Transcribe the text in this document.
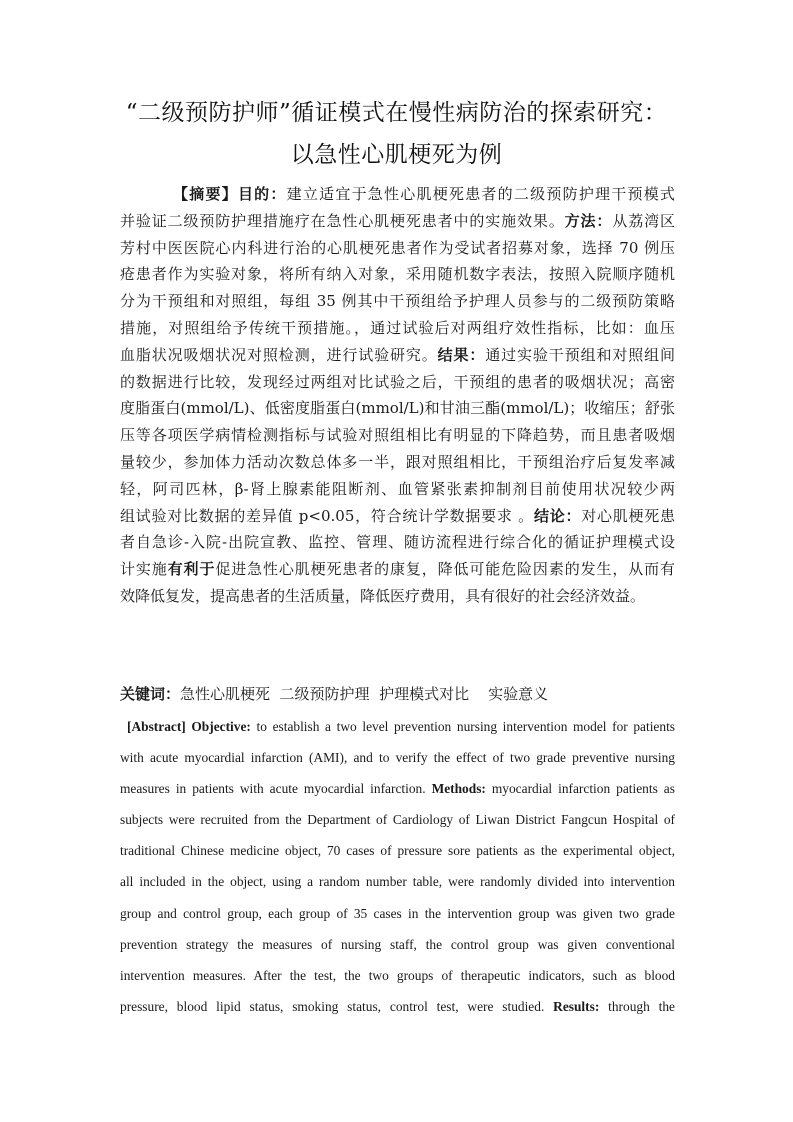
“二级预防护师”循证模式在慢性病防治的探索研究：
以急性心肌梗死为例
【摘要】目的：建立适宜于急性心肌梗死患者的二级预防护理干预模式
并验证二级预防护理措施疗在急性心肌梗死患者中的实施效果。方法：从荔湾区
芳村中医医院心内科进行治的心肌梗死患者作为受试者招募对象，选择 70 例压
疮患者作为实验对象，将所有纳入对象，采用随机数字表法，按照入院顺序随机
分为干预组和对照组，每组 35 例其中干预组给予护理人员参与的二级预防策略
措施，对照组给予传统干预措施。，通过试验后对两组疗效性指标，比如：血压
血脂状况吸烟状况对照检测，进行试验研究。结果：通过实验干预组和对照组间
的数据进行比较，发现经过两组对比试验之后，干预组的患者的吸烟状况；高密
度脂蛋白(mmol/L)、低密度脂蛋白(mmol/L)和甘油三酯(mmol/L)；收缩压；舒张
压等各项医学病情检测指标与试验对照组相比有明显的下降趋势，而且患者吸烟
量较少，参加体力活动次数总体多一半，跟对照组相比，干预组治疗后复发率减
轻，阿司匹林，β-肾上腺素能阻断剂、血管紧张素抑制剂目前使用状况较少两
组试验对比数据的差异值 p<0.05，符合统计学数据要求 。结论：对心肌梗死患
者自急诊-入院-出院宣教、监控、管理、随访流程进行综合化的循证护理模式设
计实施有利于促进急性心肌梗死患者的康复，降低可能危险因素的发生，从而有
效降低复发，提高患者的生活质量，降低医疗费用，具有很好的社会经济效益。
关键词：急性心肌梗死  二级预防护理  护理模式对比    实验意义
[Abstract] Objective: to establish a two level prevention nursing intervention model for patients
with acute myocardial infarction (AMI), and to verify the effect of two grade preventive nursing
measures in patients with acute myocardial infarction. Methods: myocardial infarction patients as
subjects were recruited from the Department of Cardiology of Liwan District Fangcun Hospital of
traditional Chinese medicine object, 70 cases of pressure sore patients as the experimental object,
all included in the object, using a random number table, were randomly divided into intervention
group and control group, each group of 35 cases in the intervention group was given two grade
prevention strategy the measures of nursing staff, the control group was given conventional
intervention measures. After the test, the two groups of therapeutic indicators, such as blood
pressure, blood lipid status, smoking status, control test, were studied. Results: through the
